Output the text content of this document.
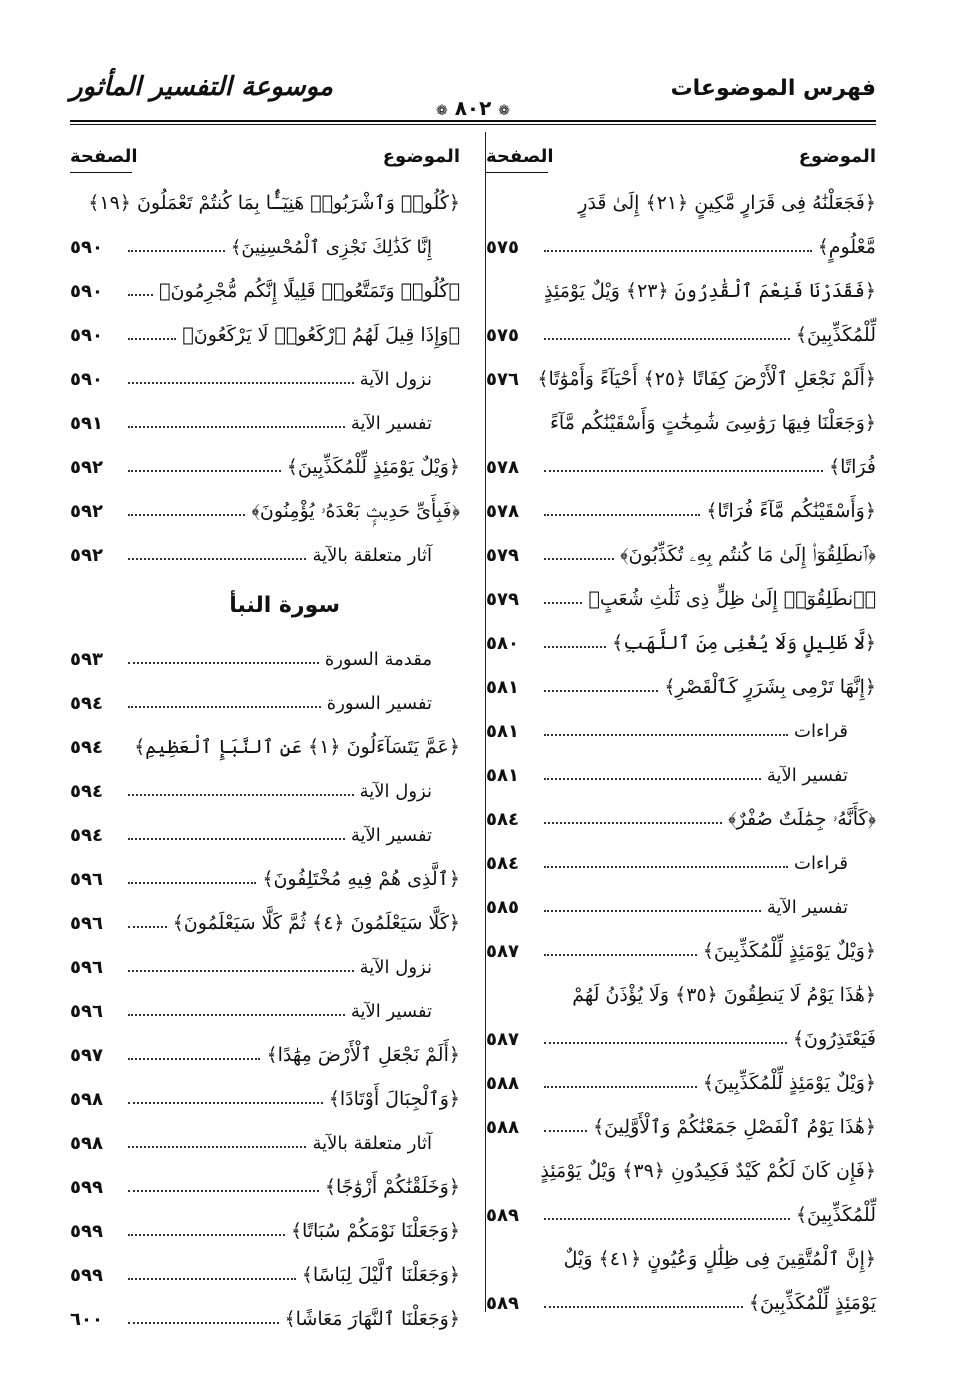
فهرس الموضوعات
موسوعة التفسير المأثور
❁ ٨٠٢ ❁
الموضوع
الصفحة
﴿فَجَعَلْنَٰهُ فِى قَرَارٍ مَّكِينٍ ﴿٢١﴾ إِلَىٰ قَدَرٍ
مَّعْلُومٍ﴾
٥٧٥
﴿فَقَدَرْنَا فَنِعْمَ ٱلْقَٰدِرُونَ ﴿٢٣﴾ وَيْلٌ يَوْمَئِذٍ
لِّلْمُكَذِّبِينَ﴾
٥٧٥
﴿أَلَمْ نَجْعَلِ ٱلْأَرْضَ كِفَاتًا ﴿٢٥﴾ أَحْيَآءً وَأَمْوَٰتًا﴾
٥٧٦
﴿وَجَعَلْنَا فِيهَا رَوَٰسِىَ شَٰمِخَٰتٍ وَأَسْقَيْنَٰكُم مَّآءً
فُرَاتًا﴾
٥٧٨
﴿وَأَسْقَيْنَٰكُم مَّآءً فُرَاتًا﴾
٥٧٨
﴿ٱنطَلِقُوٓا۟ إِلَىٰ مَا كُنتُم بِهِۦ تُكَذِّبُونَ﴾
٥٧٩
﴿ٱنطَلِقُوٓا۟ إِلَىٰ ظِلٍّ ذِى ثَلَٰثِ شُعَبٍ﴾
٥٧٩
﴿لَّا ظَلِيلٍ وَلَا يُغْنِى مِنَ ٱللَّهَبِ﴾
٥٨٠
﴿إِنَّهَا تَرْمِى بِشَرَرٍ كَٱلْقَصْرِ﴾
٥٨١
قراءات
٥٨١
تفسير الآية
٥٨١
﴿كَأَنَّهُۥ جِمَٰلَتٌ صُفْرٌ﴾
٥٨٤
قراءات
٥٨٤
تفسير الآية
٥٨٥
﴿وَيْلٌ يَوْمَئِذٍ لِّلْمُكَذِّبِينَ﴾
٥٨٧
﴿هَٰذَا يَوْمُ لَا يَنطِقُونَ ﴿٣٥﴾ وَلَا يُؤْذَنُ لَهُمْ
فَيَعْتَذِرُونَ﴾
٥٨٧
﴿وَيْلٌ يَوْمَئِذٍ لِّلْمُكَذِّبِينَ﴾
٥٨٨
﴿هَٰذَا يَوْمُ ٱلْفَصْلِ جَمَعْنَٰكُمْ وَٱلْأَوَّلِينَ﴾
٥٨٨
﴿فَإِن كَانَ لَكُمْ كَيْدٌ فَكِيدُونِ ﴿٣٩﴾ وَيْلٌ يَوْمَئِذٍ
لِّلْمُكَذِّبِينَ﴾
٥٨٩
﴿إِنَّ ٱلْمُتَّقِينَ فِى ظِلَٰلٍ وَعُيُونٍ ﴿٤١﴾ وَيْلٌ
يَوْمَئِذٍ لِّلْمُكَذِّبِينَ﴾
٥٨٩
الموضوع
الصفحة
﴿كُلُوا۟ وَٱشْرَبُوا۟ هَنِيٓـًٔۢا بِمَا كُنتُمْ تَعْمَلُونَ ﴿١٩﴾
إِنَّا كَذَٰلِكَ نَجْزِى ٱلْمُحْسِنِينَ﴾
٥٩٠
﴿كُلُوا۟ وَتَمَتَّعُوا۟ قَلِيلًا إِنَّكُم مُّجْرِمُونَ﴾
٥٩٠
﴿وَإِذَا قِيلَ لَهُمُ ٱرْكَعُوا۟ لَا يَرْكَعُونَ﴾
٥٩٠
نزول الآية
٥٩٠
تفسير الآية
٥٩١
﴿وَيْلٌ يَوْمَئِذٍ لِّلْمُكَذِّبِينَ﴾
٥٩٢
﴿فَبِأَىِّ حَدِيثٍۭ بَعْدَهُۥ يُؤْمِنُونَ﴾
٥٩٢
آثار متعلقة بالآية
٥٩٢
سورة النبأ
مقدمة السورة
٥٩٣
تفسير السورة
٥٩٤
﴿عَمَّ يَتَسَآءَلُونَ ﴿١﴾ عَنِ ٱلنَّبَإِ ٱلْعَظِيمِ﴾
٥٩٤
نزول الآية
٥٩٤
تفسير الآية
٥٩٤
﴿ٱلَّذِى هُمْ فِيهِ مُخْتَلِفُونَ﴾
٥٩٦
﴿كَلَّا سَيَعْلَمُونَ ﴿٤﴾ ثُمَّ كَلَّا سَيَعْلَمُونَ﴾
٥٩٦
نزول الآية
٥٩٦
تفسير الآية
٥٩٦
﴿أَلَمْ نَجْعَلِ ٱلْأَرْضَ مِهَٰدًا﴾
٥٩٧
﴿وَٱلْجِبَالَ أَوْتَادًا﴾
٥٩٨
آثار متعلقة بالآية
٥٩٨
﴿وَخَلَقْنَٰكُمْ أَزْوَٰجًا﴾
٥٩٩
﴿وَجَعَلْنَا نَوْمَكُمْ سُبَاتًا﴾
٥٩٩
﴿وَجَعَلْنَا ٱلَّيْلَ لِبَاسًا﴾
٥٩٩
﴿وَجَعَلْنَا ٱلنَّهَارَ مَعَاشًا﴾
٦٠٠
